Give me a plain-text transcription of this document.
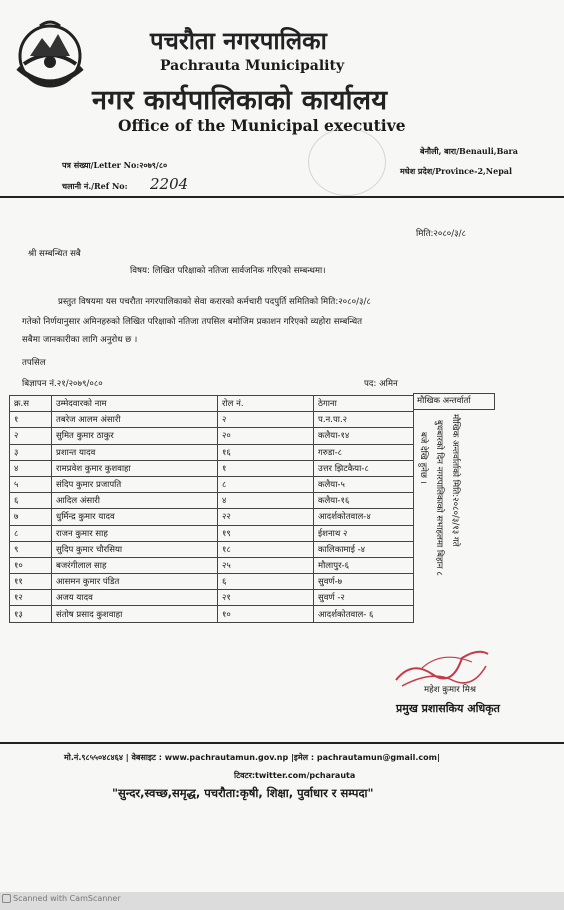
पचरौता नगरपालिका
Pachrauta Municipality
नगर कार्यपालिकाको कार्यालय
Office of the Municipal executive
पत्र संख्या/Letter No:२०७९/८०
चलानी नं./Ref No: 2204
बेनौली, बारा/Benauli,Bara
मधेश प्रदेश/Province-2,Nepal
मिति:२०८०/३/८
श्री सम्बन्धित सबै
विषय: लिखित परिक्षाको नतिजा सार्वजनिक गरिएको सम्बन्धमा।
प्रस्तुत विषयमा यस पचरौता नगरपालिकाको सेवा करारको कर्मचारी पदपुर्ति समितिको मिति:२०८०/३/८
गतेको निर्णयानुसार अमिनहरुको लिखित परिक्षाको नतिजा तपसिल बमोजिम प्रकाशन गरिएको व्यहोरा सम्बन्धित
सबैमा जानकारीका लागि अनुरोध छ ।
तपसिल
बिज्ञापन नं.२१/२०७९/०८०	पद: अमिन
क्र.स	उम्मेदवारको नाम	रोल नं.	ठेगाना
१	तबरेज आलम अंसारी	२	प.न.पा.२
२	सुमित कुमार ठाकुर	२०	कलैया-१४
३	प्रशान्त यादव	१६	गरुडा-८
४	रामप्रवेश कुमार कुशवाहा	१	उत्तर झिटकैया-८
५	संदिप कुमार प्रजापति	८	कलैया-५
६	आदिल अंसारी	४	कलैया-१६
७	धुर्मिन्द्र कुमार यादव	२२	आदर्शकोतवाल-४
८	राजन कुमार साह	१९	ईशनाथ २
९	सुदिप कुमार चौरसिया	१८	कालिकामाई -४
१०	बजरंगीलाल साह	२५	मौलापुर-६
११	आसमन कुमार पंडित	६	सुवर्ण-७
१२	अजय यादव	२१	सुवर्ण -२
१३	संतोष प्रसाद कुशवाहा	१०	आदर्शकोतवाल- ६
मौखिक अन्तर्वार्ता
मौखिक अन्तर्वार्ताको मिति:२०८०/३/१३ गते
बुधबारको दिन नगरपालिकाको सभाहलमा बिहान ८
बजे देखि हुनेछ ।
महेश कुमार मिश्र
प्रमुख प्रशासकिय अधिकृत
मो.नं.९८५५०४८४६४ | वेबसाइट : www.pachrautamun.gov.np |इमेल : pachrautamun@gmail.com|
टिवटर:twitter.com/pcharauta
"सुन्दर,स्वच्छ,समृद्ध, पचरौता:कृषी, शिक्षा, पुर्वाधार र सम्पदा"
Scanned with CamScanner
